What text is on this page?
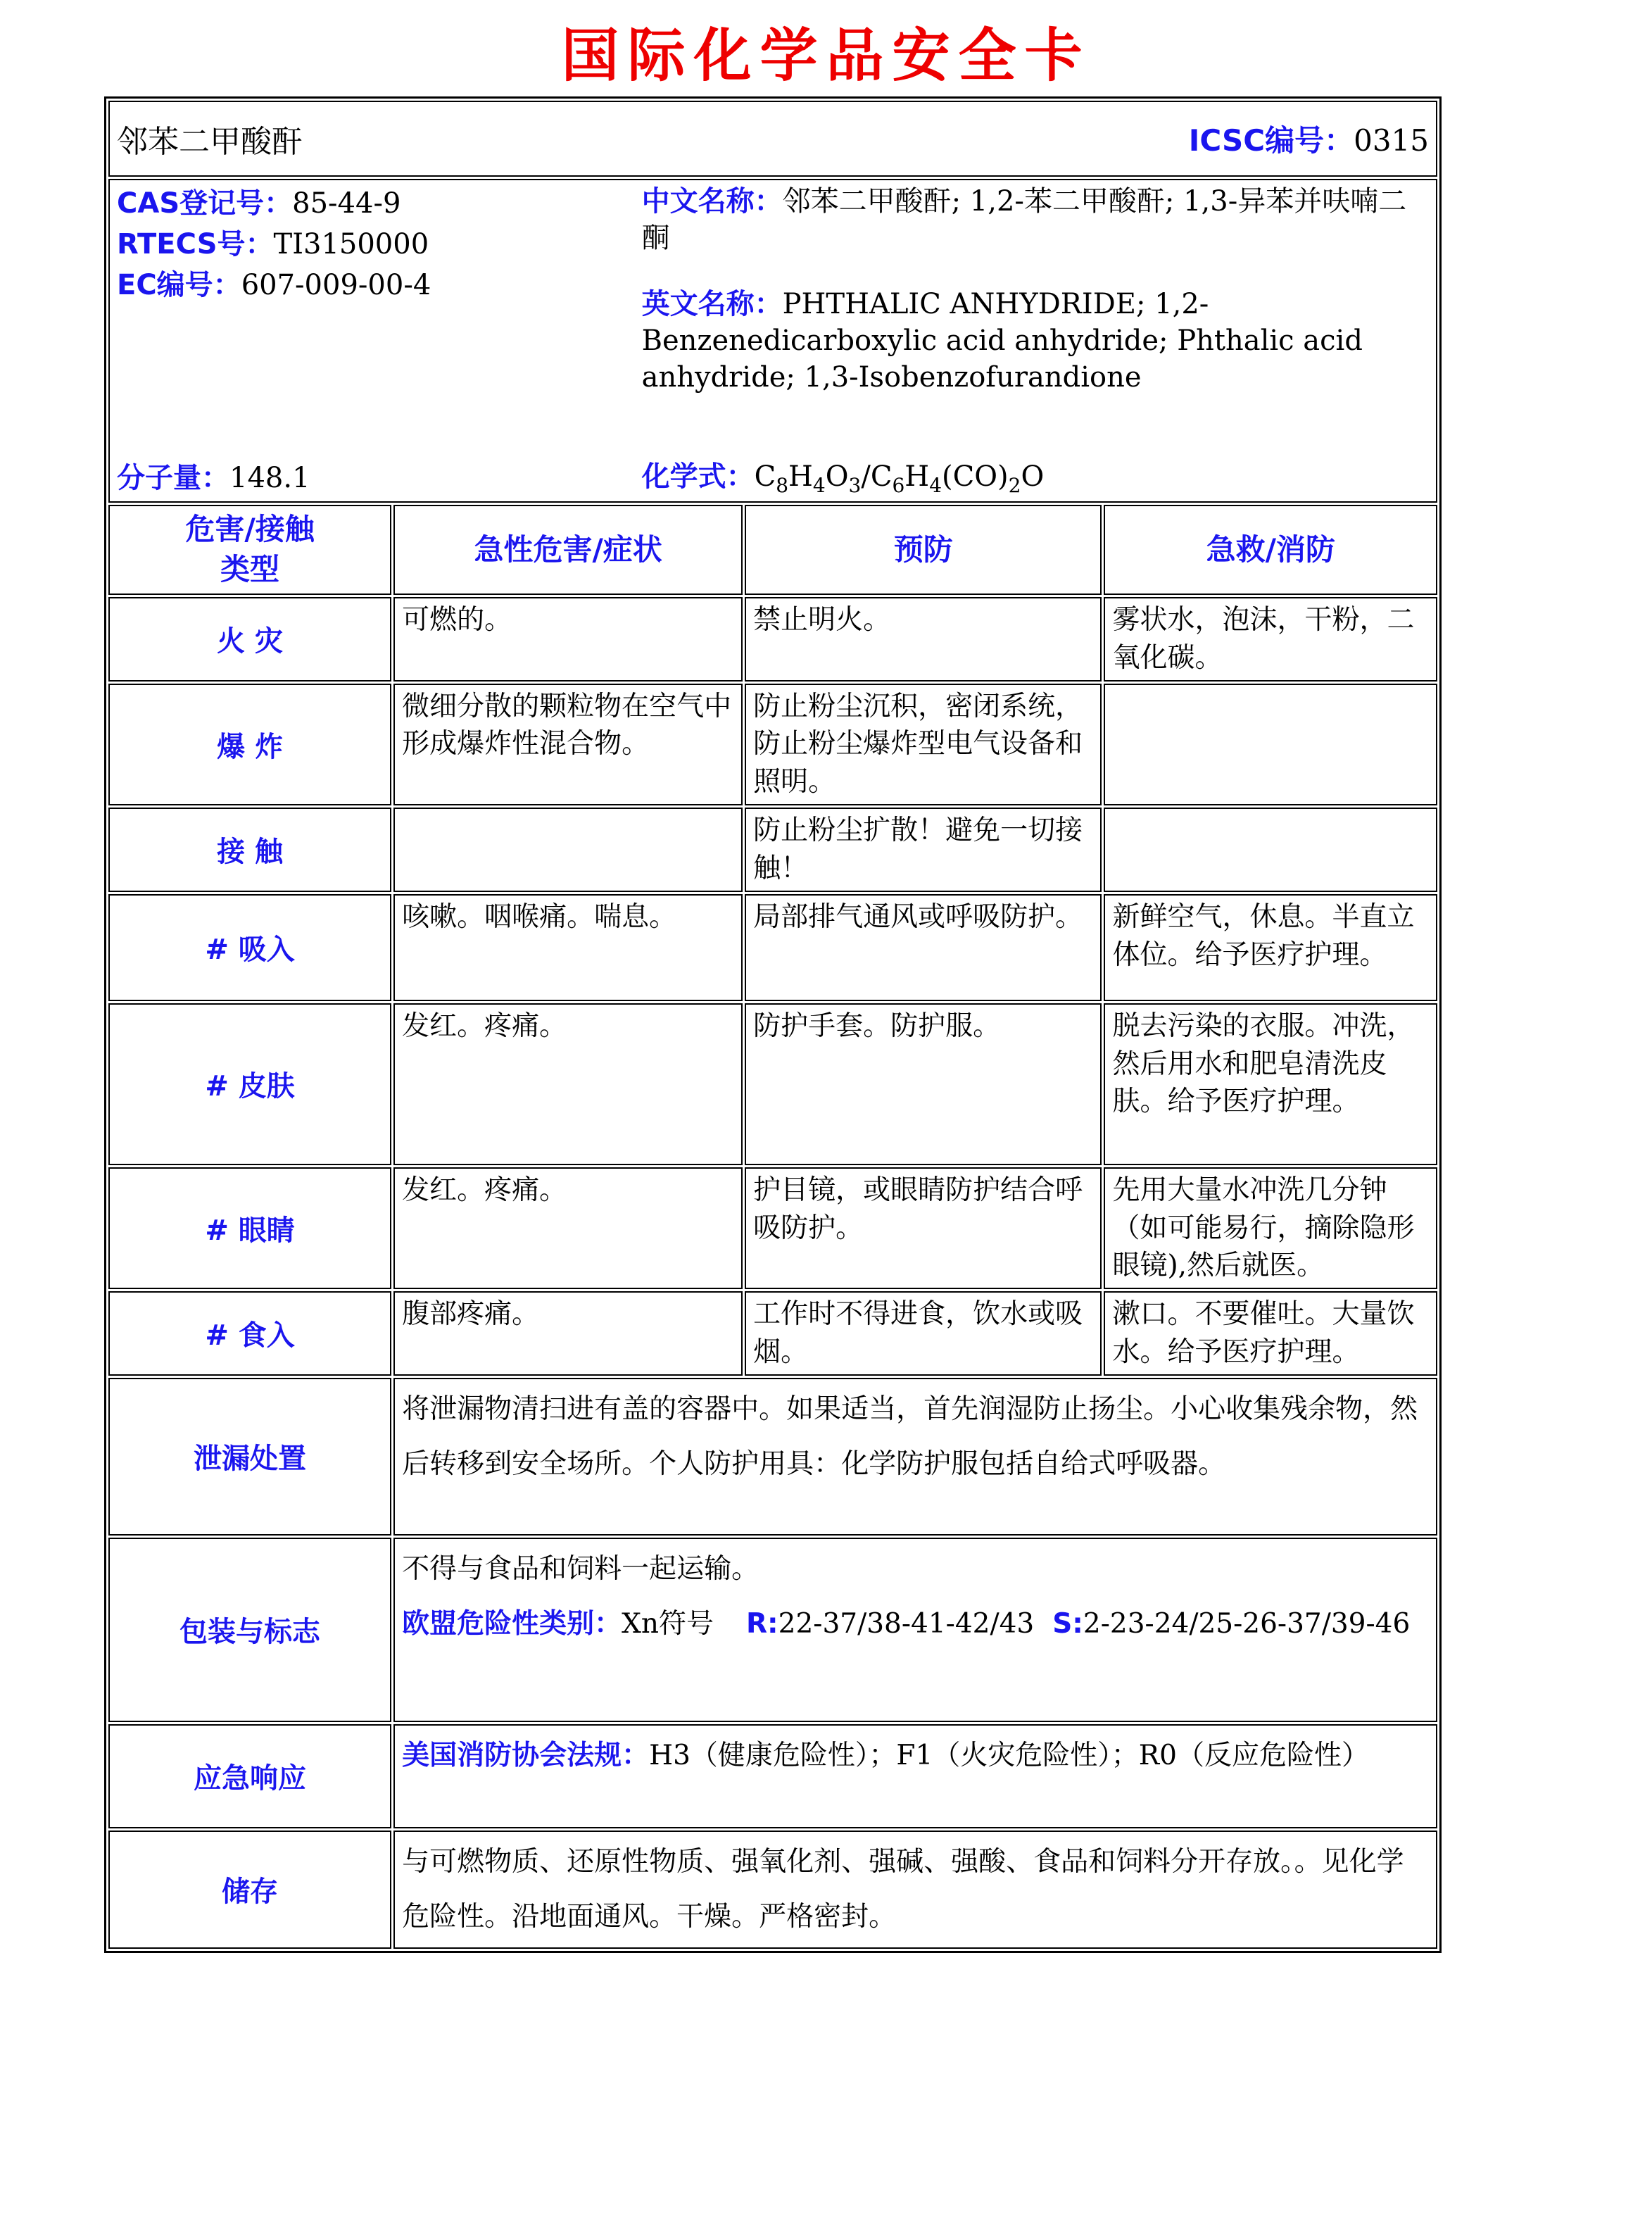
国际化学品安全卡
邻苯二甲酸酐 ICSC编号：0315			

CAS登记号：85-44-9
RTECS号：TI3150000
EC编号：607-009-00-4
分子量：148.1
中文名称：邻苯二甲酸酐; 1,2-苯二甲酸酐; 1,3-异苯并呋喃二酮
英文名称：PHTHALIC ANHYDRIDE; 1,2-Benzenedicarboxylic acid anhydride; Phthalic acid anhydride; 1,3-Isobenzofurandione
化学式：$C_8H_4O_3/C_6H_4(CO)_2O$

危害/接触
类型	急性危害/症状	预防	急救/消防
火 灾	可燃的。	禁止明火。	雾状水，泡沫，干粉，二氧化碳。
爆 炸	微细分散的颗粒物在空气中形成爆炸性混合物。	防止粉尘沉积，密闭系统，防止粉尘爆炸型电气设备和照明。	
接 触		防止粉尘扩散！避免一切接触！	
# 吸入	咳嗽。咽喉痛。喘息。	局部排气通风或呼吸防护。	新鲜空气，休息。半直立体位。给予医疗护理。
# 皮肤	发红。疼痛。	防护手套。防护服。	脱去污染的衣服。冲洗，然后用水和肥皂清洗皮肤。给予医疗护理。
# 眼睛	发红。疼痛。	护目镜，或眼睛防护结合呼吸防护。	先用大量水冲洗几分钟（如可能易行，摘除隐形眼镜),然后就医。
# 食入	腹部疼痛。	工作时不得进食，饮水或吸烟。	漱口。不要催吐。大量饮水。给予医疗护理。
泄漏处置	将泄漏物清扫进有盖的容器中。如果适当，首先润湿防止扬尘。小心收集残余物，然后转移到安全场所。个人防护用具：化学防护服包括自给式呼吸器。		
包装与标志	不得与食品和饲料一起运输。
欧盟危险性类别：Xn符号 R:22-37/38-41-42/43 S:2-23-24/25-26-37/39-46		

应急响应	美国消防协会法规：H3（健康危险性）；F1（火灾危险性）；R0（反应危险性）		
储存	与可燃物质、还原性物质、强氧化剂、强碱、强酸、食品和饲料分开存放。。见化学危险性。沿地面通风。干燥。严格密封。		
